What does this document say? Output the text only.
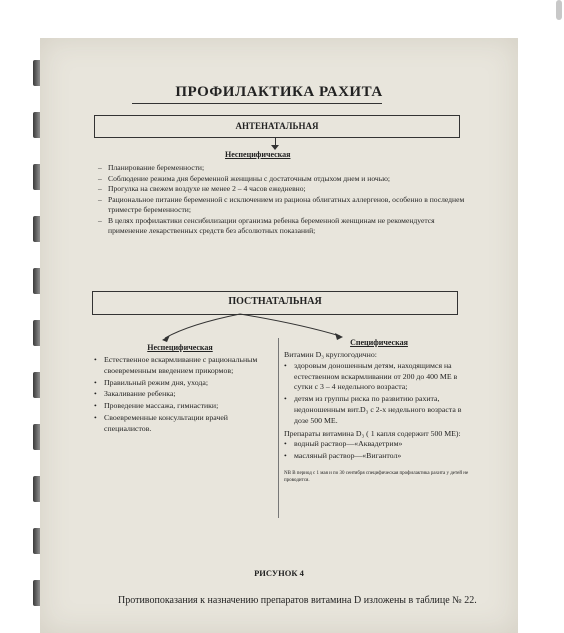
ПРОФИЛАКТИКА РАХИТА
АНТЕНАТАЛЬНАЯ
Неспецифическая
– Планирование беременности;
– Соблюдение режима дня беременной женщины с достаточным отдыхом днем и ночью;
– Прогулка на свежем воздухе не менее 2 – 4 часов ежедневно;
– Рациональное питание беременной с исключением из рациона облигатных аллергенов, особенно в последнем триместре беременности;
– В целях профилактики сенсибилизации организма ребенка беременной женщинам не рекомендуется применение лекарственных средств без абсолютных показаний;
ПОСТНАТАЛЬНАЯ
Неспецифическая
• Естественное вскармливание с рациональным своевременным введением прикормов;
• Правильный режим дня, ухода;
• Закаливание ребенка;
• Проведение массажа, гимнастики;
• Своевременные консультации врачей специалистов.
Специфическая
Витамин D₃ круглогодично:
• здоровым доношенным детям, находящимся на естественном вскармливании от 200 до 400 МЕ в сутки с 3 – 4 недельного возраста;
• детям из группы риска по развитию рахита, недоношенным вит.D₃ с 2-х недельного возраста в дозе 500 МЕ.
Препараты витамина D₃ ( 1 капля содержит 500 МЕ):
• водный раствор—«Аквадетрим»
• масляный раствор—«Вигантол»
NB В период с 1 мая и по 30 сентября специфическая профилактика рахита у детей не проводится.
РИСУНОК 4
Противопоказания к назначению препаратов витамина D изложены в таблице № 22.
